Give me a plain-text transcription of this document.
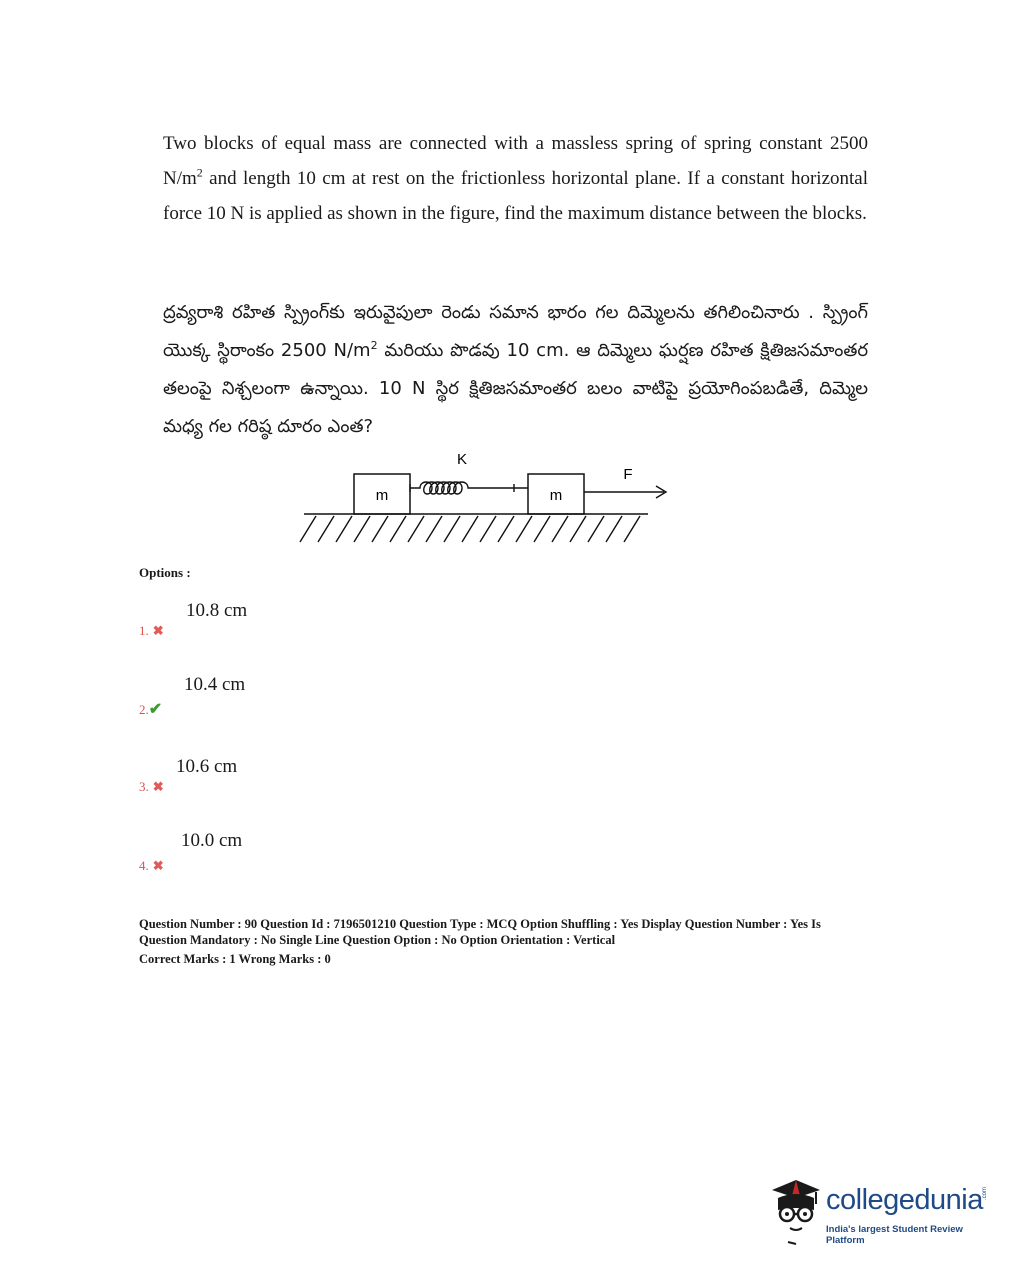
Two blocks of equal mass are connected with a massless spring of spring constant 2500 $N/m^2$ and length 10 cm at rest on the frictionless horizontal plane. If a constant horizontal force 10 N is applied as shown in the figure, find the maximum distance between the blocks.
ద్రవ్యరాశి రహిత స్ప్రింగ్‌కు ఇరువైపులా రెండు సమాన భారం గల దిమ్మెలను తగిలించినారు . స్ప్రింగ్ యొక్క స్థిరాంకం 2500 $N/m^2$ మరియు పొడవు 10 cm. ఆ దిమ్మెలు ఘర్షణ రహిత క్షితిజసమాంతర తలంపై నిశ్చలంగా ఉన్నాయి. 10 N స్థిర క్షితిజసమాంతర బలం వాటిపై ప్రయోగింపబడితే, దిమ్మెల మధ్య గల గరిష్ఠ దూరం ఎంత?
m	m
K
F
Options :
10.8 cm
1. ✖
10.4 cm
2.✔
10.6 cm
3. ✖
10.0 cm
4. ✖
Question Number : 90 Question Id : 7196501210 Question Type : MCQ Option Shuffling : Yes Display Question Number : Yes Is
Question Mandatory : No Single Line Question Option : No Option Orientation : Vertical
Correct Marks : 1 Wrong Marks : 0
collegedunia .com
India's largest Student Review Platform
